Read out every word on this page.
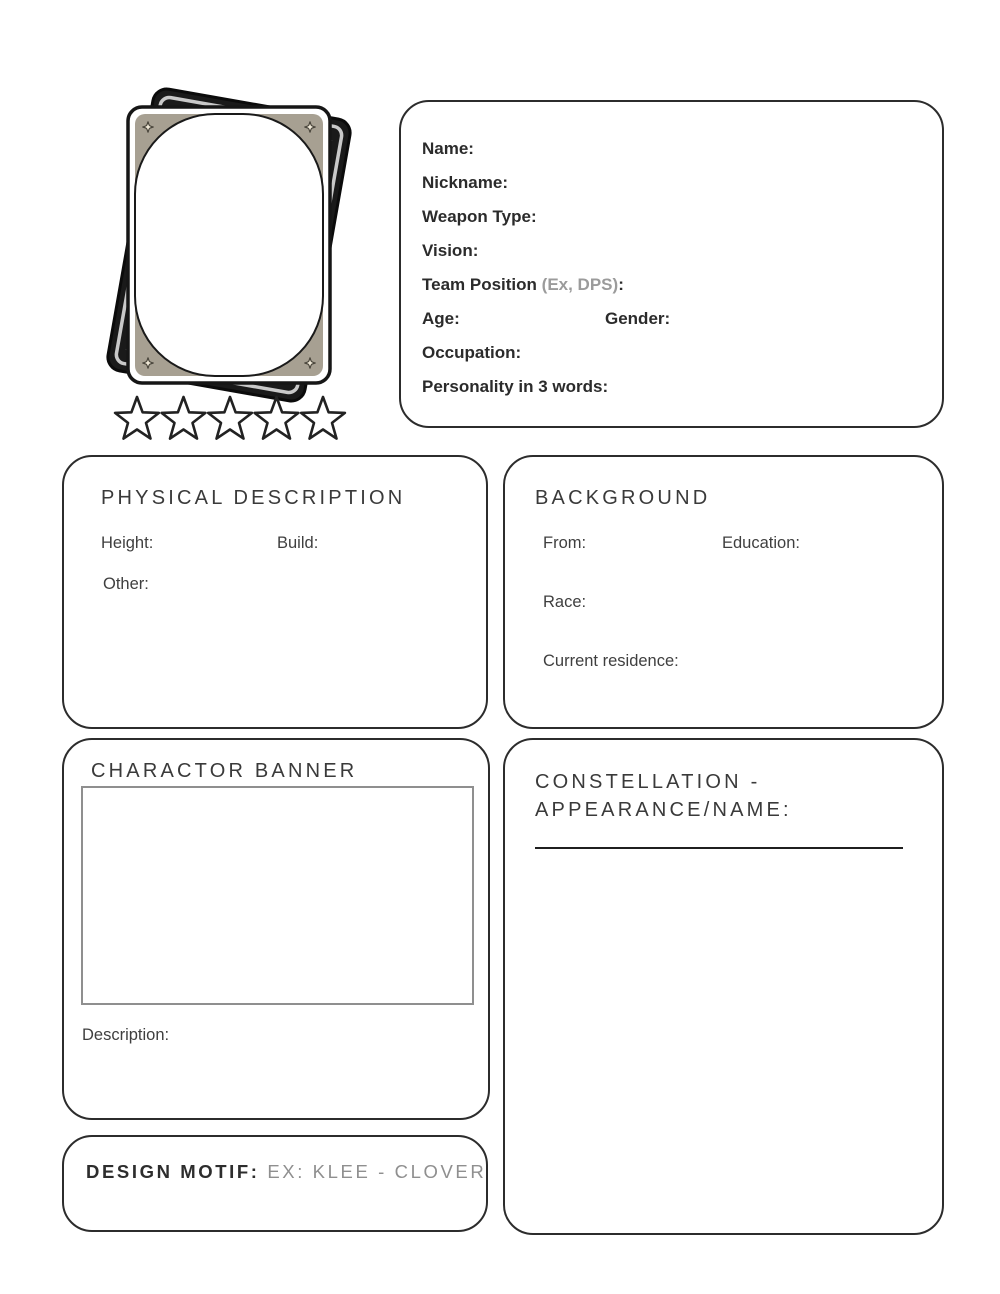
Name:
Nickname:
Weapon Type:
Vision:
Team Position (Ex, DPS):
Age:	Gender:
Occupation:
Personality in 3 words:
PHYSICAL DESCRIPTION
Height:	Build:
Other:
BACKGROUND
From:	Education:
Race:
Current residence:
CHARACTOR BANNER
Description:
CONSTELLATION -
APPEARANCE/NAME:
DESIGN MOTIF: EX: KLEE - CLOVER
